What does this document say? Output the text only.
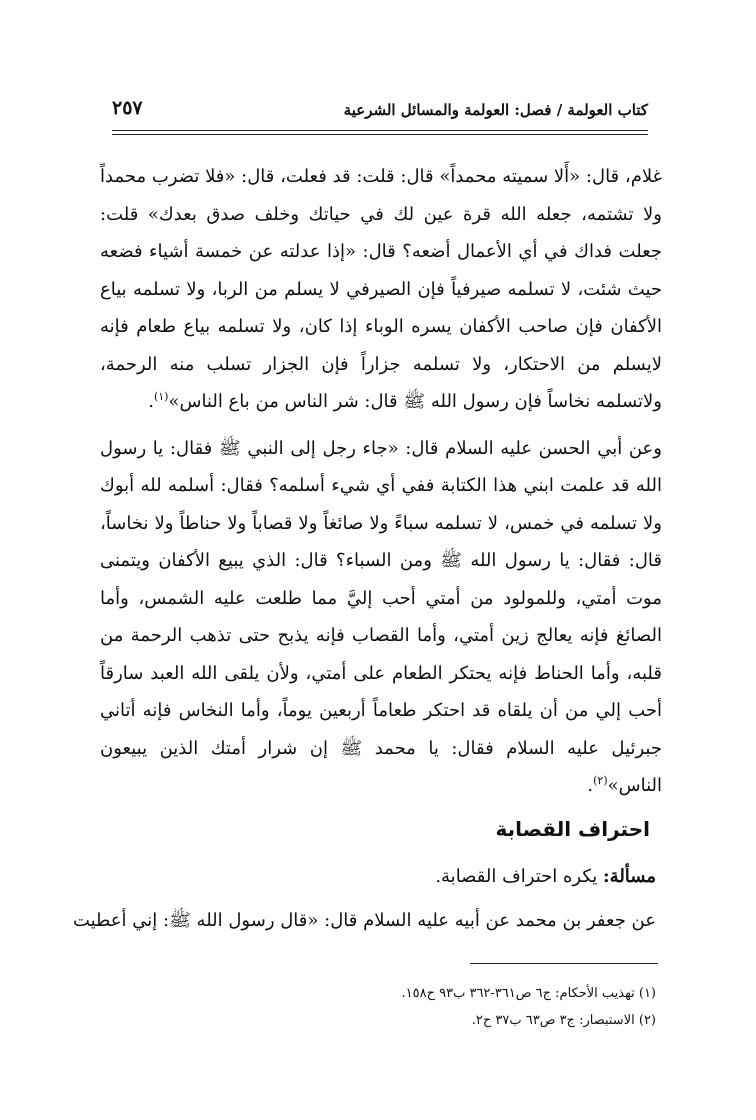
كتاب العولمة / فصل: العولمة والمسائل الشرعية
٢٥٧

غلام، قال: «أَلا سميته محمداً» قال: قلت: قد فعلت، قال: «فلا تضرب محمداً ولا تشتمه، جعله الله قرة عين لك في حياتك وخلف صدق بعدك» قلت: جعلت فداك في أي الأعمال أضعه؟ قال: «إذا عدلته عن خمسة أشياء فضعه حيث شئت، لا تسلمه صيرفياً فإن الصيرفي لا يسلم من الربا، ولا تسلمه بياع الأكفان فإن صاحب الأكفان يسره الوباء إذا كان، ولا تسلمه بياع طعام فإنه لايسلم من الاحتكار، ولا تسلمه جزاراً فإن الجزار تسلب منه الرحمة، ولاتسلمه نخاساً فإن رسول الله ﷺ قال: شر الناس من باع الناس»$^{(١)}$.

وعن أبي الحسن عليه السلام قال: «جاء رجل إلى النبي ﷺ فقال: يا رسول الله قد علمت ابني هذا الكتابة ففي أي شيء أسلمه؟ فقال: أسلمه لله أبوك ولا تسلمه في خمس، لا تسلمه سباءً ولا صائغاً ولا قصاباً ولا حناطاً ولا نخاساً، قال: فقال: يا رسول الله ﷺ ومن السباء؟ قال: الذي يبيع الأكفان ويتمنى موت أمتي، وللمولود من أمتي أحب إليَّ مما طلعت عليه الشمس، وأما الصائغ فإنه يعالج زين أمتي، وأما القصاب فإنه يذبح حتى تذهب الرحمة من قلبه، وأما الحناط فإنه يحتكر الطعام على أمتي، ولأن يلقى الله العبد سارقاً أحب إلي من أن يلقاه قد احتكر طعاماً أربعين يوماً، وأما النخاس فإنه أتاني جبرئيل عليه السلام فقال: يا محمد ﷺ إن شرار أمتك الذين يبيعون الناس»$^{(٢)}$.

احتراف القصابة
مسألة: يكره احتراف القصابة.
عن جعفر بن محمد عن أبيه عليه السلام قال: «قال رسول الله ﷺ: إني أعطيت
(١) تهذيب الأحكام: ج٦ ص٣٦١-٣٦٢ ب٩٣ ح١٥٨.
(٢) الاستبصار: ج٣ ص٦٣ ب٣٧ ح٢.
